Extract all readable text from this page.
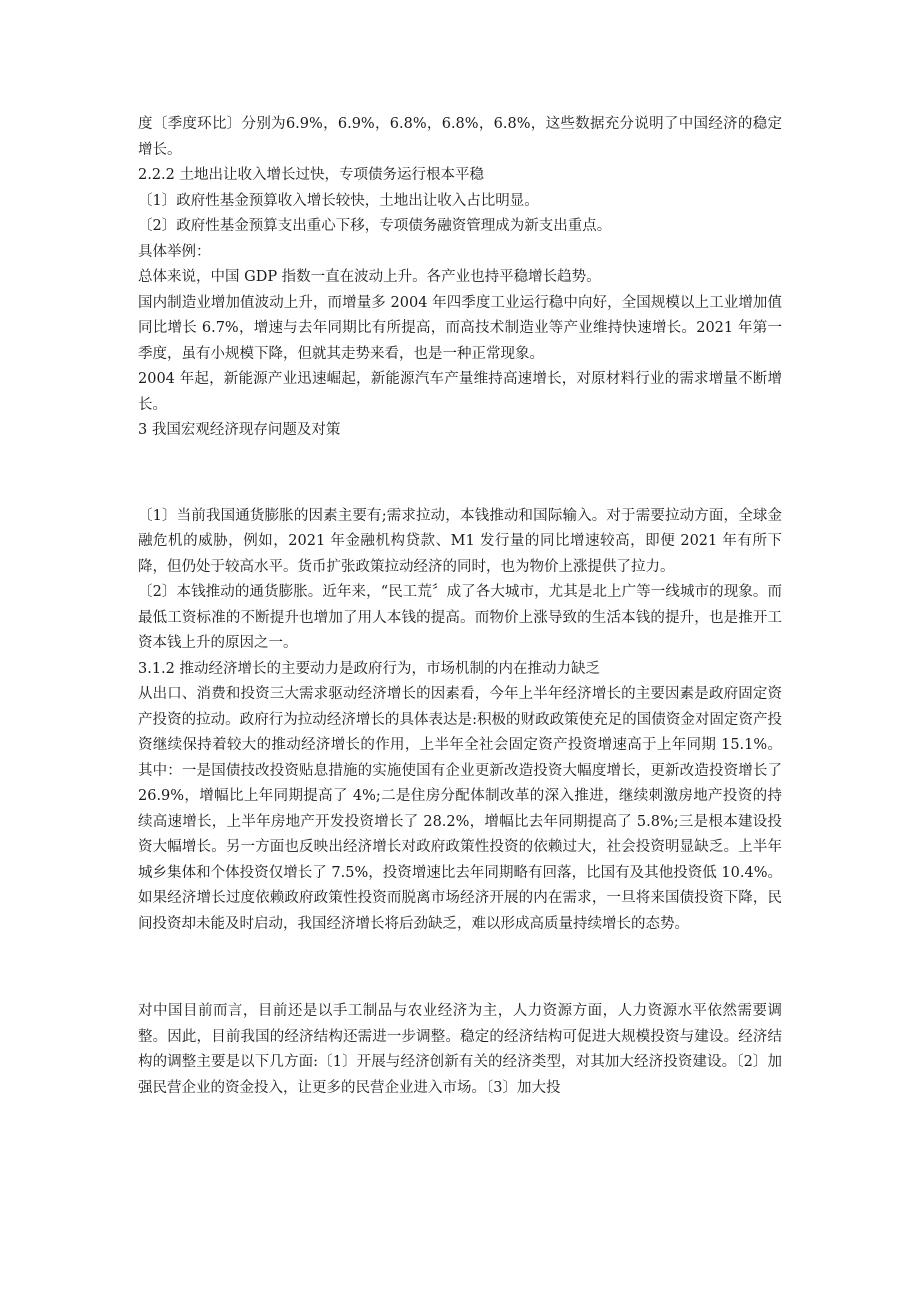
度〔季度环比〕分别为6.9%，6.9%，6.8%，6.8%，6.8%，这些数据充分说明了中国经济的稳定增长。

2.2.2 土地出让收入增长过快，专项债务运行根本平稳

〔1〕政府性基金预算收入增长较快，土地出让收入占比明显。

〔2〕政府性基金预算支出重心下移，专项债务融资管理成为新支出重点。

具体举例：

总体来说，中国 GDP 指数一直在波动上升。各产业也持平稳增长趋势。

国内制造业增加值波动上升，而增量多 2004 年四季度工业运行稳中向好，全国规模以上工业增加值同比增长 6.7%，增速与去年同期比有所提高，而高技术制造业等产业维持快速增长。2021 年第一季度，虽有小规模下降，但就其走势来看，也是一种正常现象。

2004 年起，新能源产业迅速崛起，新能源汽车产量维持高速增长，对原材料行业的需求增量不断增长。

3 我国宏观经济现存问题及对策

〔1〕当前我国通货膨胀的因素主要有;需求拉动，本钱推动和国际输入。对于需要拉动方面，全球金融危机的威胁，例如，2021 年金融机构贷款、M1 发行量的同比增速较高，即便 2021 年有所下降，但仍处于较高水平。货币扩张政策拉动经济的同时，也为物价上涨提供了拉力。

〔2〕本钱推动的通货膨胀。近年来，“民工荒〞成了各大城市，尤其是北上广等一线城市的现象。而最低工资标准的不断提升也增加了用人本钱的提高。而物价上涨导致的生活本钱的提升，也是推开工资本钱上升的原因之一。

3.1.2 推动经济增长的主要动力是政府行为，市场机制的内在推动力缺乏

从出口、消费和投资三大需求驱动经济增长的因素看，今年上半年经济增长的主要因素是政府固定资产投资的拉动。政府行为拉动经济增长的具体表达是:积极的财政政策使充足的国债资金对固定资产投资继续保持着较大的推动经济增长的作用，上半年全社会固定资产投资增速高于上年同期 15.1%。其中：一是国债技改投资贴息措施的实施使国有企业更新改造投资大幅度增长，更新改造投资增长了 26.9%，增幅比上年同期提高了 4%;二是住房分配体制改革的深入推进，继续刺激房地产投资的持续高速增长，上半年房地产开发投资增长了 28.2%，增幅比去年同期提高了 5.8%;三是根本建设投资大幅增长。另一方面也反映出经济增长对政府政策性投资的依赖过大，社会投资明显缺乏。上半年城乡集体和个体投资仅增长了 7.5%，投资增速比去年同期略有回落，比国有及其他投资低 10.4%。如果经济增长过度依赖政府政策性投资而脱离市场经济开展的内在需求，一旦将来国债投资下降，民间投资却未能及时启动，我国经济增长将后劲缺乏，难以形成高质量持续增长的态势。

对中国目前而言，目前还是以手工制品与农业经济为主，人力资源方面，人力资源水平依然需要调整。因此，目前我国的经济结构还需进一步调整。稳定的经济结构可促进大规模投资与建设。经济结构的调整主要是以下几方面:〔1〕开展与经济创新有关的经济类型，对其加大经济投资建设。〔2〕加强民营企业的资金投入，让更多的民营企业进入市场。〔3〕加大投
